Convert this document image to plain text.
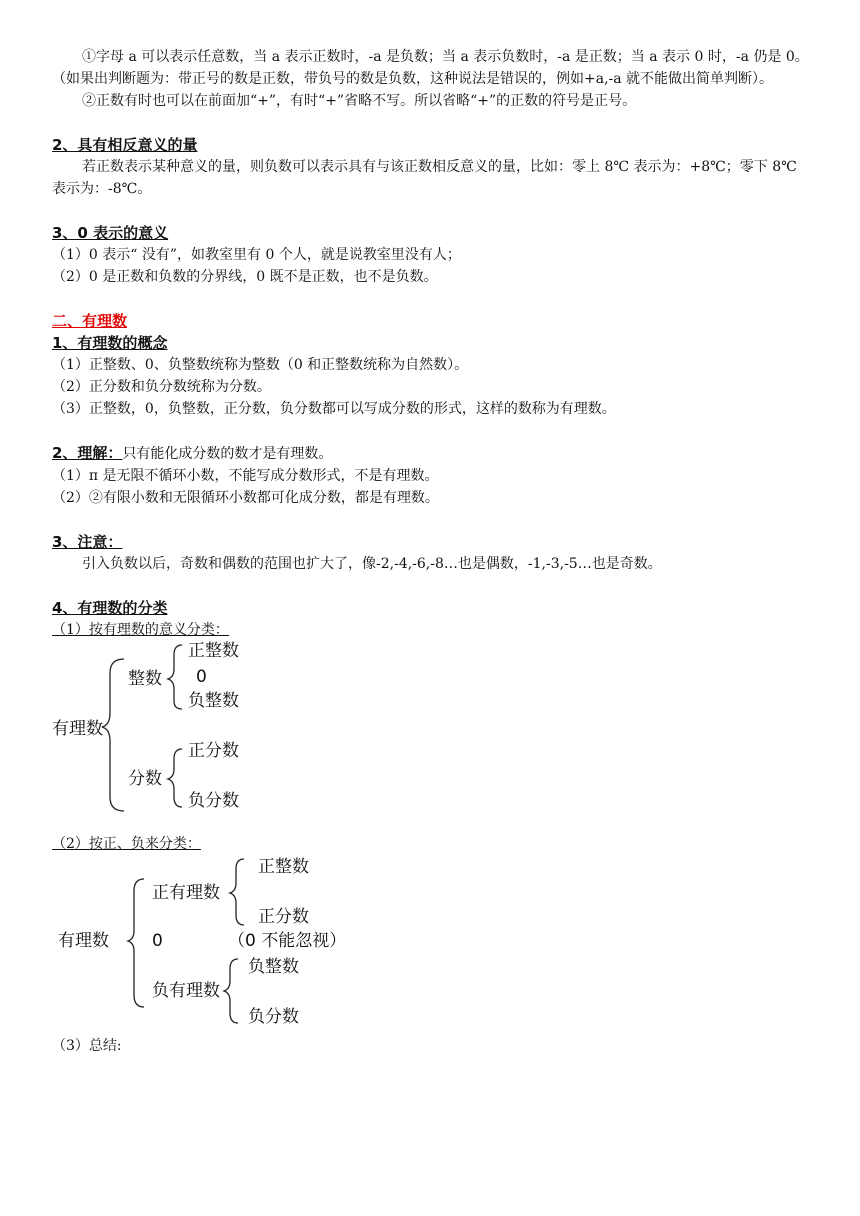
①字母 a 可以表示任意数，当 a 表示正数时，-a 是负数；当 a 表示负数时，-a 是正数；当 a 表示 0 时，-a 仍是 0。（如果出判断题为：带正号的数是正数，带负号的数是负数，这种说法是错误的，例如+a,-a 就不能做出简单判断）。

②正数有时也可以在前面加“+”，有时“+”省略不写。所以省略“+”的正数的符号是正号。

2、具有相反意义的量

若正数表示某种意义的量，则负数可以表示具有与该正数相反意义的量，比如：零上 8℃ 表示为：+8℃；零下 8℃表示为：-8℃。

3、0 表示的意义

（1）0 表示“ 没有”，如教室里有 0 个人，就是说教室里没有人；

（2）0 是正数和负数的分界线，0 既不是正数，也不是负数。

二、有理数

1、有理数的概念

（1）正整数、0、负整数统称为整数（0 和正整数统称为自然数）。

（2）正分数和负分数统称为分数。

（3）正整数，0，负整数，正分数，负分数都可以写成分数的形式，这样的数称为有理数。

2、理解：只有能化成分数的数才是有理数。

（1）π 是无限不循环小数，不能写成分数形式，不是有理数。

（2）②有限小数和无限循环小数都可化成分数，都是有理数。

3、注意：

引入负数以后，奇数和偶数的范围也扩大了，像-2,-4,-6,-8…也是偶数，-1,-3,-5…也是奇数。

4、有理数的分类

（1）按有理数的意义分类：

有理数
整数
正整数
0
负整数
分数
正分数
负分数

（2）按正、负来分类：

有理数
正有理数
正整数
正分数
0	（0 不能忽视）
负有理数
负整数
负分数

（3）总结:
